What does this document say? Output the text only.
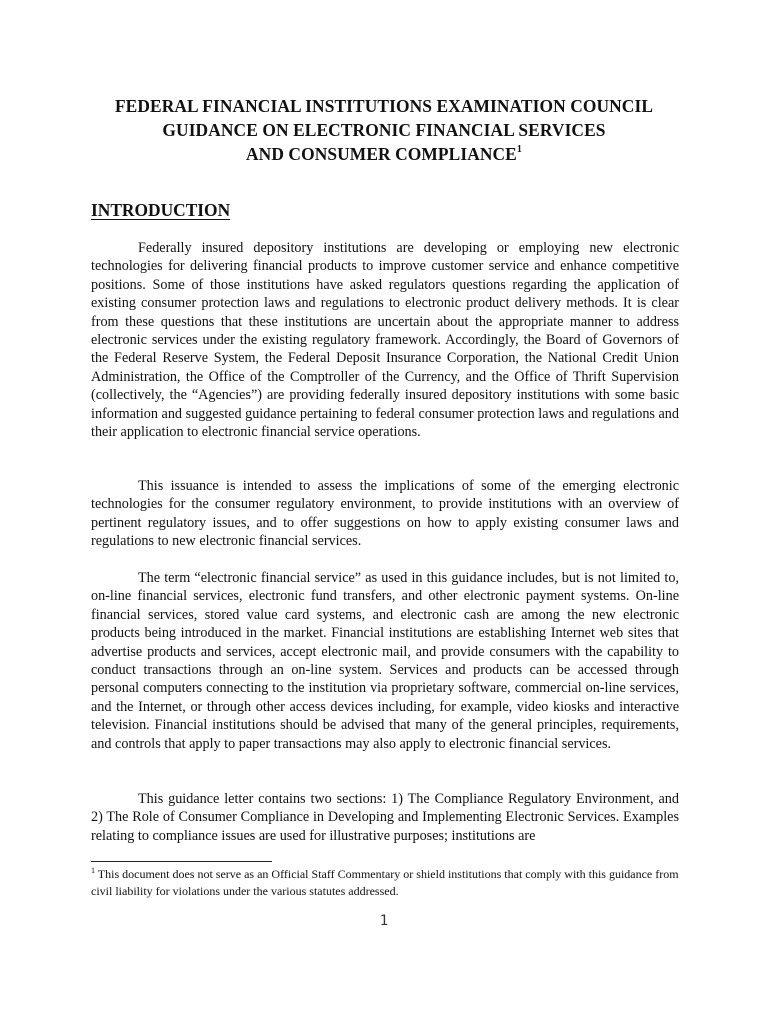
FEDERAL FINANCIAL INSTITUTIONS EXAMINATION COUNCIL
GUIDANCE ON ELECTRONIC FINANCIAL SERVICES
AND CONSUMER COMPLIANCE$^1$
INTRODUCTION

Federally insured depository institutions are developing or employing new electronic technologies for delivering financial products to improve customer service and enhance competitive positions. Some of those institutions have asked regulators questions regarding the application of existing consumer protection laws and regulations to electronic product delivery methods. It is clear from these questions that these institutions are uncertain about the appropriate manner to address electronic services under the existing regulatory framework. Accordingly, the Board of Governors of the Federal Reserve System, the Federal Deposit Insurance Corporation, the National Credit Union Administration, the Office of the Comptroller of the Currency, and the Office of Thrift Supervision (collectively, the “Agencies”) are providing federally insured depository institutions with some basic information and suggested guidance pertaining to federal consumer protection laws and regulations and their application to electronic financial service operations.

This issuance is intended to assess the implications of some of the emerging electronic technologies for the consumer regulatory environment, to provide institutions with an overview of pertinent regulatory issues, and to offer suggestions on how to apply existing consumer laws and regulations to new electronic financial services.

The term “electronic financial service” as used in this guidance includes, but is not limited to, on-line financial services, electronic fund transfers, and other electronic payment systems. On-line financial services, stored value card systems, and electronic cash are among the new electronic products being introduced in the market. Financial institutions are establishing Internet web sites that advertise products and services, accept electronic mail, and provide consumers with the capability to conduct transactions through an on-line system. Services and products can be accessed through personal computers connecting to the institution via proprietary software, commercial on-line services, and the Internet, or through other access devices including, for example, video kiosks and interactive television. Financial institutions should be advised that many of the general principles, requirements, and controls that apply to paper transactions may also apply to electronic financial services.

This guidance letter contains two sections: 1) The Compliance Regulatory Environment, and 2) The Role of Consumer Compliance in Developing and Implementing Electronic Services. Examples relating to compliance issues are used for illustrative purposes; institutions are

$^1$ This document does not serve as an Official Staff Commentary or shield institutions that comply with this guidance from civil liability for violations under the various statutes addressed.

1
